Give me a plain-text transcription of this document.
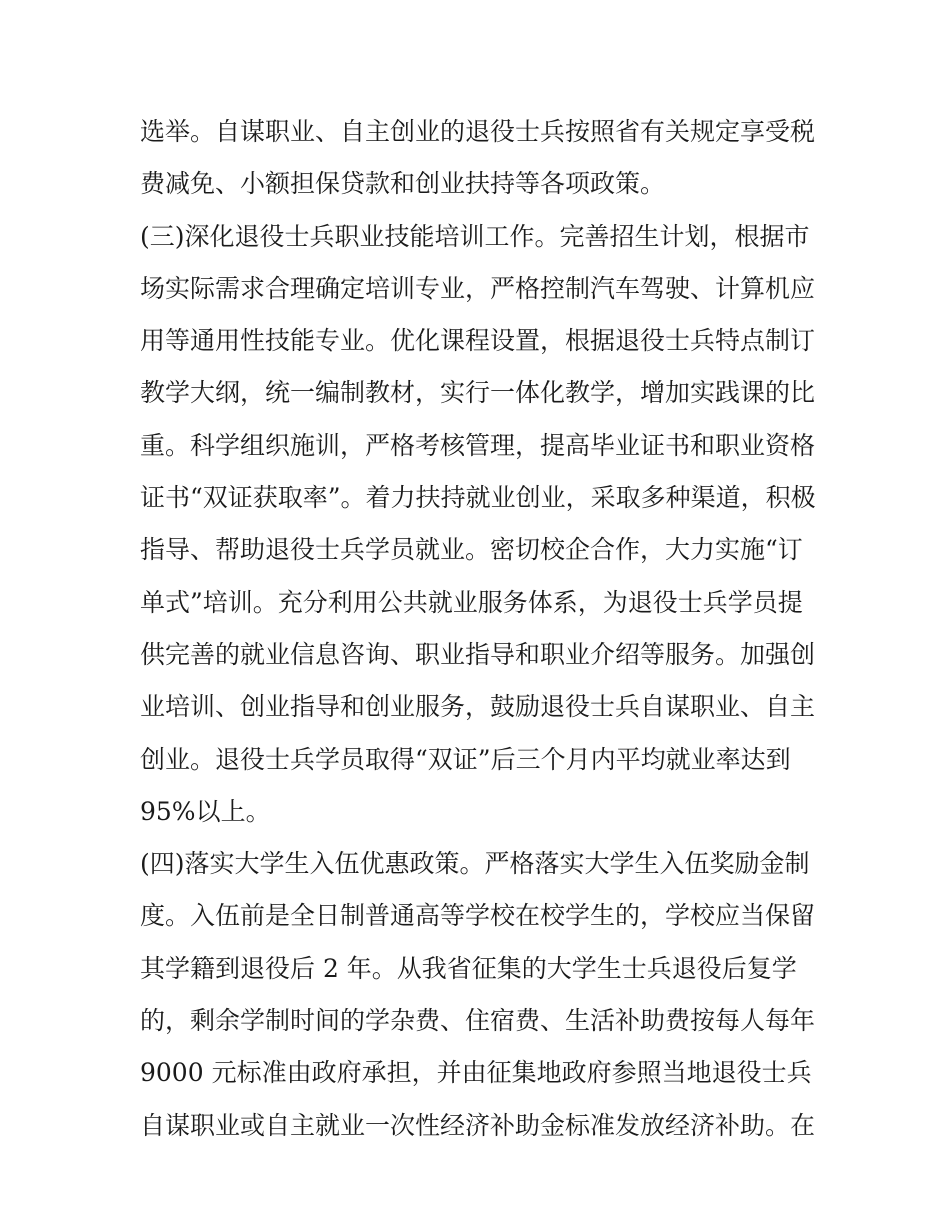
选举。自谋职业、自主创业的退役士兵按照省有关规定享受税
费减免、小额担保贷款和创业扶持等各项政策。
(三)深化退役士兵职业技能培训工作。完善招生计划，根据市
场实际需求合理确定培训专业，严格控制汽车驾驶、计算机应
用等通用性技能专业。优化课程设置，根据退役士兵特点制订
教学大纲，统一编制教材，实行一体化教学，增加实践课的比
重。科学组织施训，严格考核管理，提高毕业证书和职业资格
证书“双证获取率”。着力扶持就业创业，采取多种渠道，积极
指导、帮助退役士兵学员就业。密切校企合作，大力实施“订
单式”培训。充分利用公共就业服务体系，为退役士兵学员提
供完善的就业信息咨询、职业指导和职业介绍等服务。加强创
业培训、创业指导和创业服务，鼓励退役士兵自谋职业、自主
创业。退役士兵学员取得“双证”后三个月内平均就业率达到
95%以上。
(四)落实大学生入伍优惠政策。严格落实大学生入伍奖励金制
度。入伍前是全日制普通高等学校在校学生的，学校应当保留
其学籍到退役后 2 年。从我省征集的大学生士兵退役后复学
的，剩余学制时间的学杂费、住宿费、生活补助费按每人每年
9000 元标准由政府承担，并由征集地政府参照当地退役士兵
自谋职业或自主就业一次性经济补助金标准发放经济补助。在
